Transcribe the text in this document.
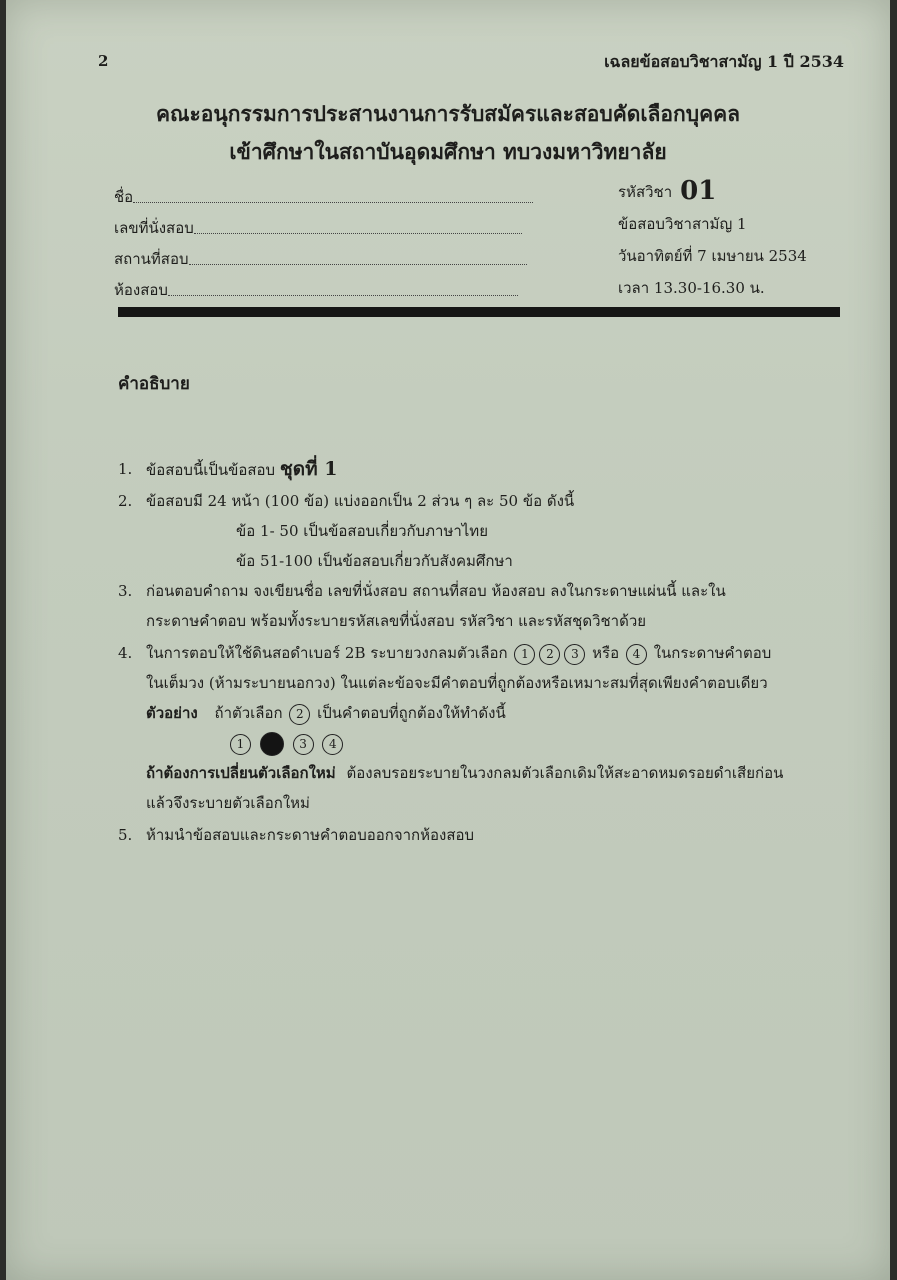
2	เฉลยข้อสอบวิชาสามัญ 1 ปี 2534
คณะอนุกรรมการประสานงานการรับสมัครและสอบคัดเลือกบุคคล
เข้าศึกษาในสถาบันอุดมศึกษา ทบวงมหาวิทยาลัย
ชื่อ
เลขที่นั่งสอบ
สถานที่สอบ
ห้องสอบ
รหัสวิชา 01
ข้อสอบวิชาสามัญ 1
วันอาทิตย์ที่ 7 เมษายน 2534
เวลา 13.30-16.30 น.
คำอธิบาย
1. ข้อสอบนี้เป็นข้อสอบ ชุดที่ 1
2. ข้อสอบมี 24 หน้า (100 ข้อ) แบ่งออกเป็น 2 ส่วน ๆ ละ 50 ข้อ ดังนี้
ข้อ 1- 50 เป็นข้อสอบเกี่ยวกับภาษาไทย
ข้อ 51-100 เป็นข้อสอบเกี่ยวกับสังคมศึกษา
3. ก่อนตอบคำถาม จงเขียนชื่อ เลขที่นั่งสอบ สถานที่สอบ ห้องสอบ ลงในกระดาษแผ่นนี้ และใน
กระดาษคำตอบ พร้อมทั้งระบายรหัสเลขที่นั่งสอบ รหัสวิชา และรหัสชุดวิชาด้วย
4. ในการตอบให้ใช้ดินสอดำเบอร์ 2B ระบายวงกลมตัวเลือก 1 2 3 หรือ 4 ในกระดาษคำตอบ
ในเต็มวง (ห้ามระบายนอกวง) ในแต่ละข้อจะมีคำตอบที่ถูกต้องหรือเหมาะสมที่สุดเพียงคำตอบเดียว
ตัวอย่าง ถ้าตัวเลือก 2 เป็นคำตอบที่ถูกต้องให้ทำดังนี้
1	3 4
ถ้าต้องการเปลี่ยนตัวเลือกใหม่ ต้องลบรอยระบายในวงกลมตัวเลือกเดิมให้สะอาดหมดรอยดำเสียก่อน
แล้วจึงระบายตัวเลือกใหม่
5. ห้ามนำข้อสอบและกระดาษคำตอบออกจากห้องสอบ
